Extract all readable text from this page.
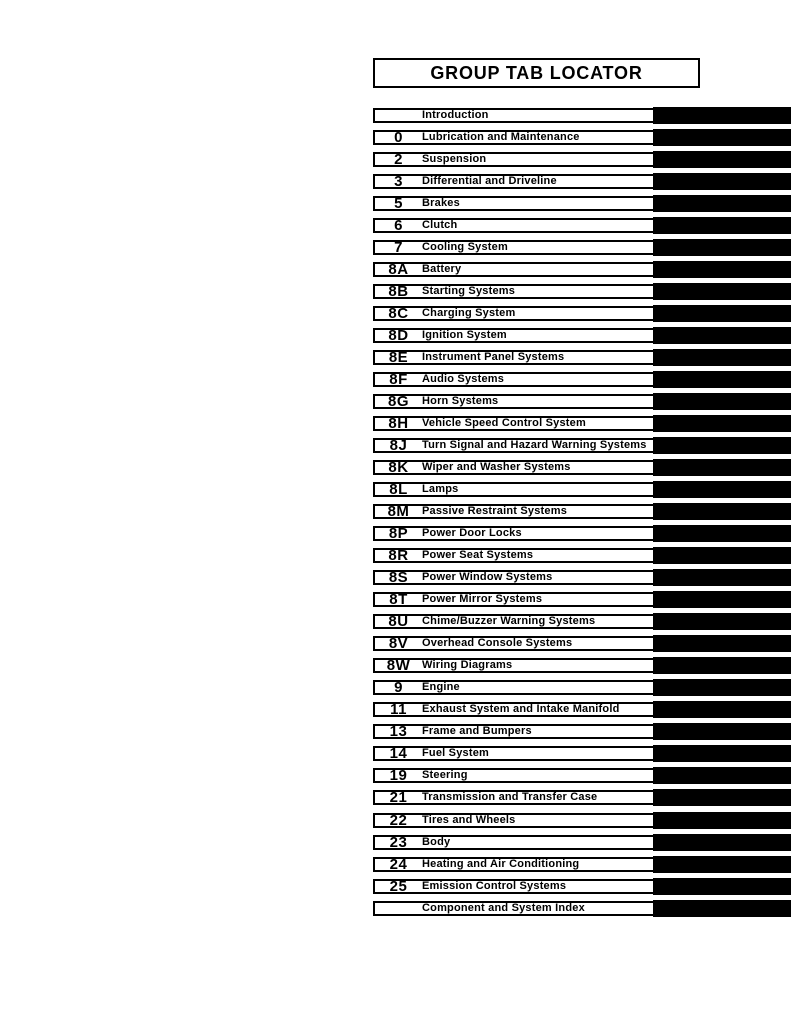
GROUP TAB LOCATOR
Introduction
0	Lubrication and Maintenance
2	Suspension
3	Differential and Driveline
5	Brakes
6	Clutch
7	Cooling System
8A	Battery
8B	Starting Systems
8C	Charging System
8D	Ignition System
8E	Instrument Panel Systems
8F	Audio Systems
8G	Horn Systems
8H	Vehicle Speed Control System
8J	Turn Signal and Hazard Warning Systems
8K	Wiper and Washer Systems
8L	Lamps
8M	Passive Restraint Systems
8P	Power Door Locks
8R	Power Seat Systems
8S	Power Window Systems
8T	Power Mirror Systems
8U	Chime/Buzzer Warning Systems
8V	Overhead Console Systems
8W	Wiring Diagrams
9	Engine
11	Exhaust System and Intake Manifold
13	Frame and Bumpers
14	Fuel System
19	Steering
21	Transmission and Transfer Case
22	Tires and Wheels
23	Body
24	Heating and Air Conditioning
25	Emission Control Systems
Component and System Index
